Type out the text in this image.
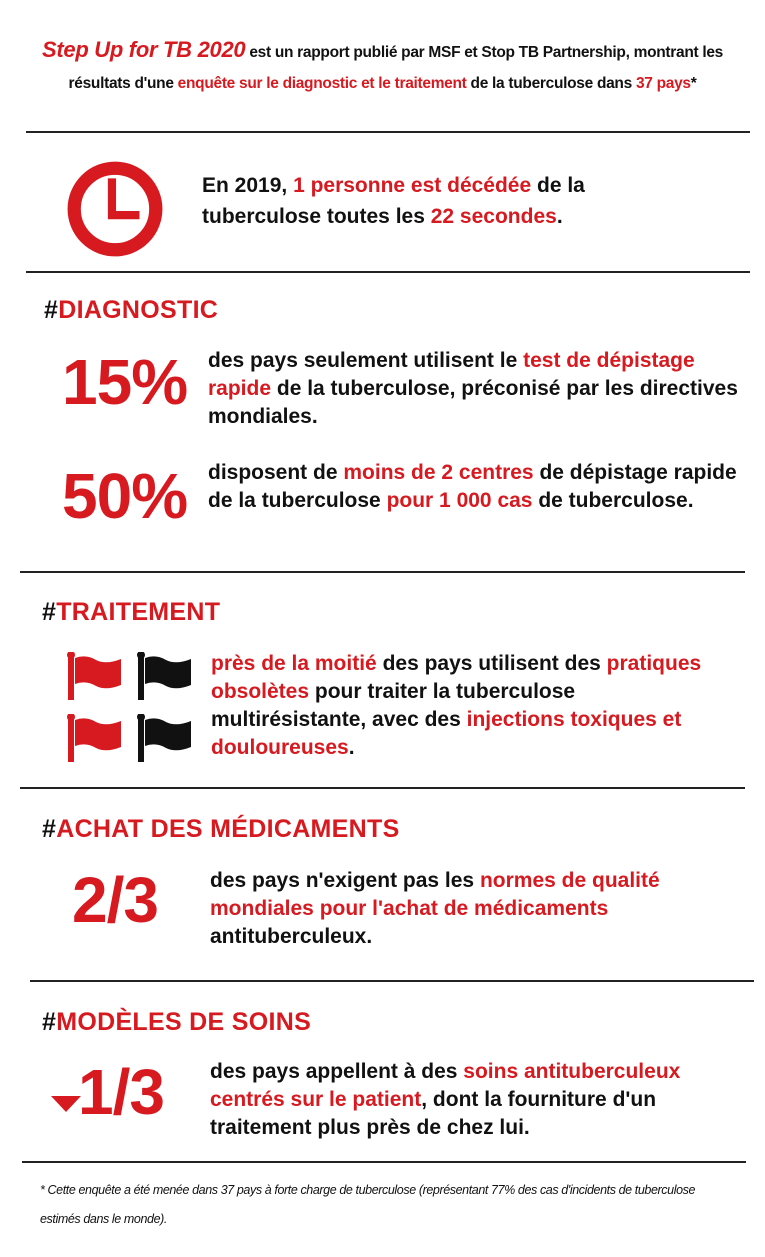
Step Up for TB 2020 est un rapport publié par MSF et Stop TB Partnership, montrant les résultats d'une enquête sur le diagnostic et le traitement de la tuberculose dans 37 pays*
En 2019, 1 personne est décédée de la tuberculose toutes les 22 secondes.
#DIAGNOSTIC
15% des pays seulement utilisent le test de dépistage rapide de la tuberculose, préconisé par les directives mondiales.
50% disposent de moins de 2 centres de dépistage rapide de la tuberculose pour 1 000 cas de tuberculose.
#TRAITEMENT
près de la moitié des pays utilisent des pratiques obsolètes pour traiter la tuberculose multirésistante, avec des injections toxiques et douloureuses.
#ACHAT DES MÉDICAMENTS
2/3 des pays n'exigent pas les normes de qualité mondiales pour l'achat de médicaments antituberculeux.
#MODÈLES DE SOINS
1/3 des pays appellent à des soins antituberculeux centrés sur le patient, dont la fourniture d'un traitement plus près de chez lui.
* Cette enquête a été menée dans 37 pays à forte charge de tuberculose (représentant 77% des cas d'incidents de tuberculose estimés dans le monde).
